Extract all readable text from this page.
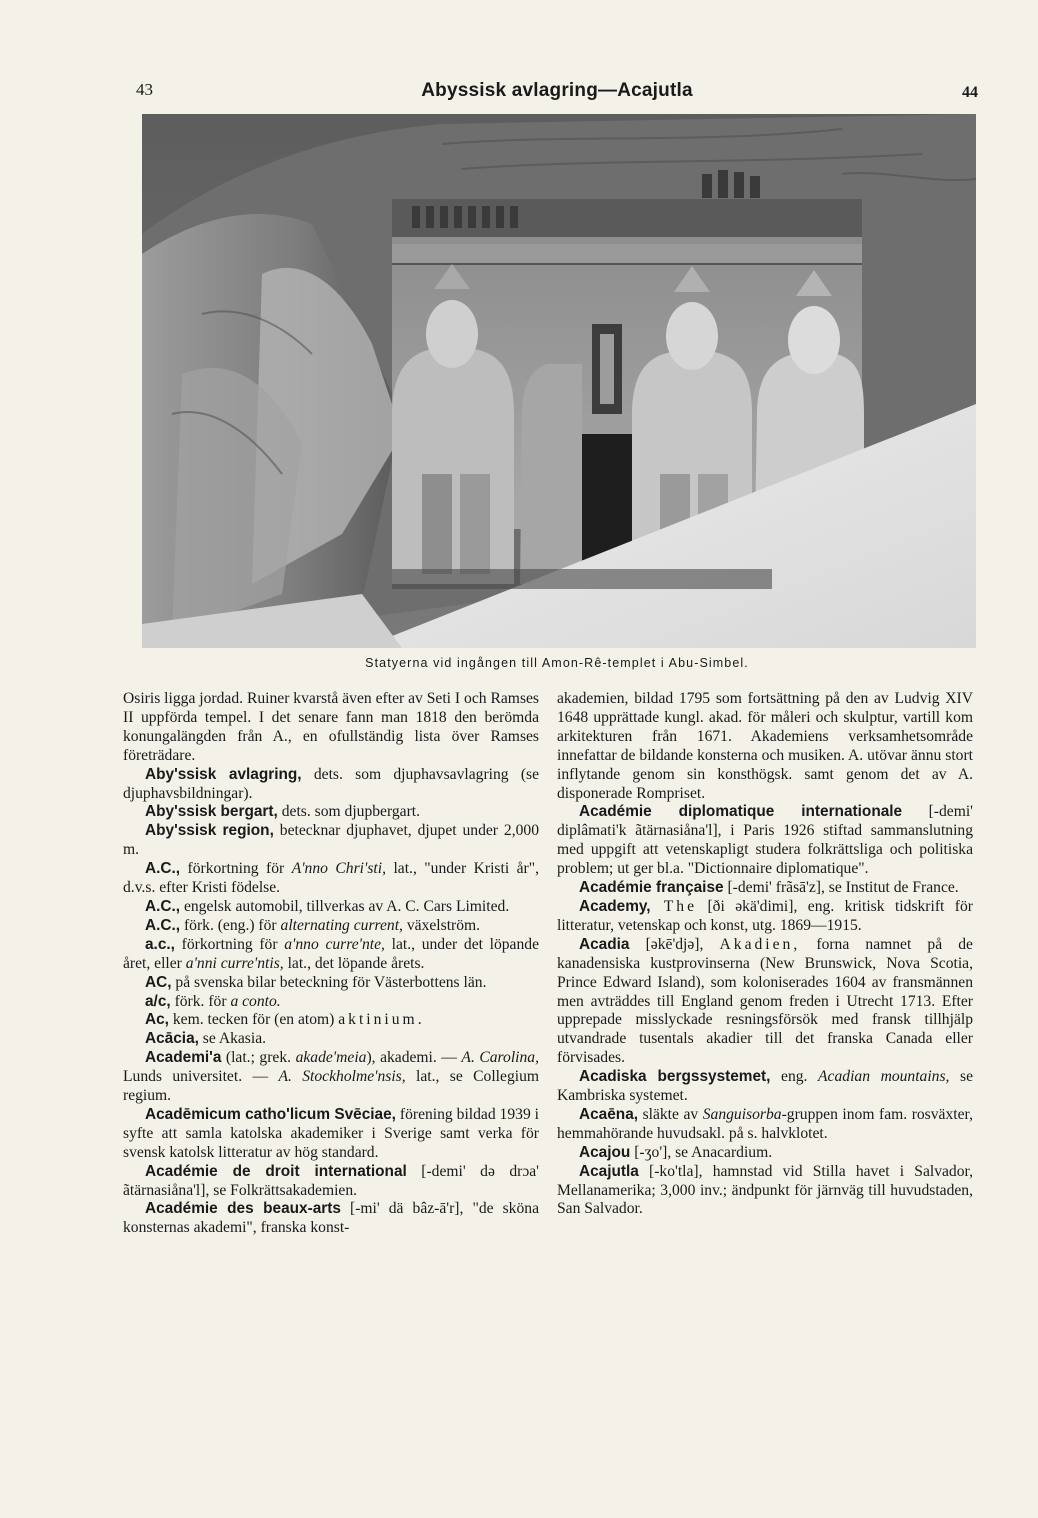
43	Abyssisk avlagring—Acajutla	44
Statyerna vid ingången till Amon-Rê-templet i Abu-Simbel.

Osiris ligga jordad. Ruiner kvarstå även efter av Seti I och Ramses II uppförda tempel. I det senare fann man 1818 den berömda konungalängden från A., en ofullständig lista över Ramses företrädare.

Aby'ssisk avlagring, dets. som djuphavsavlagring (se djuphavsbildningar).

Aby'ssisk bergart, dets. som djupbergart.

Aby'ssisk region, betecknar djuphavet, djupet under 2,000 m.

A.C., förkortning för A'nno Chri'sti, lat., "under Kristi år", d.v.s. efter Kristi födelse.

A.C., engelsk automobil, tillverkas av A. C. Cars Limited.

A.C., förk. (eng.) för alternating current, växelström.

a.c., förkortning för a'nno curre'nte, lat., under det löpande året, eller a'nni curre'ntis, lat., det löpande årets.

AC, på svenska bilar beteckning för Västerbottens län.

a/c, förk. för a conto.

Ac, kem. tecken för (en atom) aktinium.

Acācia, se Akasia.

Academi'a (lat.; grek. akade'meia), akademi. — A. Carolina, Lunds universitet. — A. Stockholme'nsis, lat., se Collegium regium.

Acadēmicum catho'licum Svēciae, förening bildad 1939 i syfte att samla katolska akademiker i Sverige samt verka för svensk katolsk litteratur av hög standard.

Académie de droit international [-demi' də drɔa' ãtärnasiåna'l], se Folkrättsakademien.

Académie des beaux-arts [-mi' dä bâz-ā'r], "de sköna konsternas akademi", franska konst-

akademien, bildad 1795 som fortsättning på den av Ludvig XIV 1648 upprättade kungl. akad. för måleri och skulptur, vartill kom arkitekturen från 1671. Akademiens verksamhetsområde innefattar de bildande konsterna och musiken. A. utövar ännu stort inflytande genom sin konsthögsk. samt genom det av A. disponerade Rompriset.

Académie diplomatique internationale [-demi' diplâmati'k ãtärnasiåna'l], i Paris 1926 stiftad sammanslutning med uppgift att vetenskapligt studera folkrättsliga och politiska problem; ut ger bl.a. "Dictionnaire diplomatique".

Académie française [-demi' frãsā'z], se Institut de France.

Academy, The [ði əkä'dimi], eng. kritisk tidskrift för litteratur, vetenskap och konst, utg. 1869—1915.

Acadia [əkē'djə], Akadien, forna namnet på de kanadensiska kustprovinserna (New Brunswick, Nova Scotia, Prince Edward Island), som koloniserades 1604 av fransmännen men avträddes till England genom freden i Utrecht 1713. Efter upprepade misslyckade resningsförsök med fransk tillhjälp utvandrade tusentals akadier till det franska Canada eller förvisades.

Acadiska bergssystemet, eng. Acadian mountains, se Kambriska systemet.

Acaēna, släkte av Sanguisorba-gruppen inom fam. rosväxter, hemmahörande huvudsakl. på s. halvklotet.

Acajou [-ʒo'], se Anacardium.

Acajutla [-ko'tla], hamnstad vid Stilla havet i Salvador, Mellanamerika; 3,000 inv.; ändpunkt för järnväg till huvudstaden, San Salvador.
